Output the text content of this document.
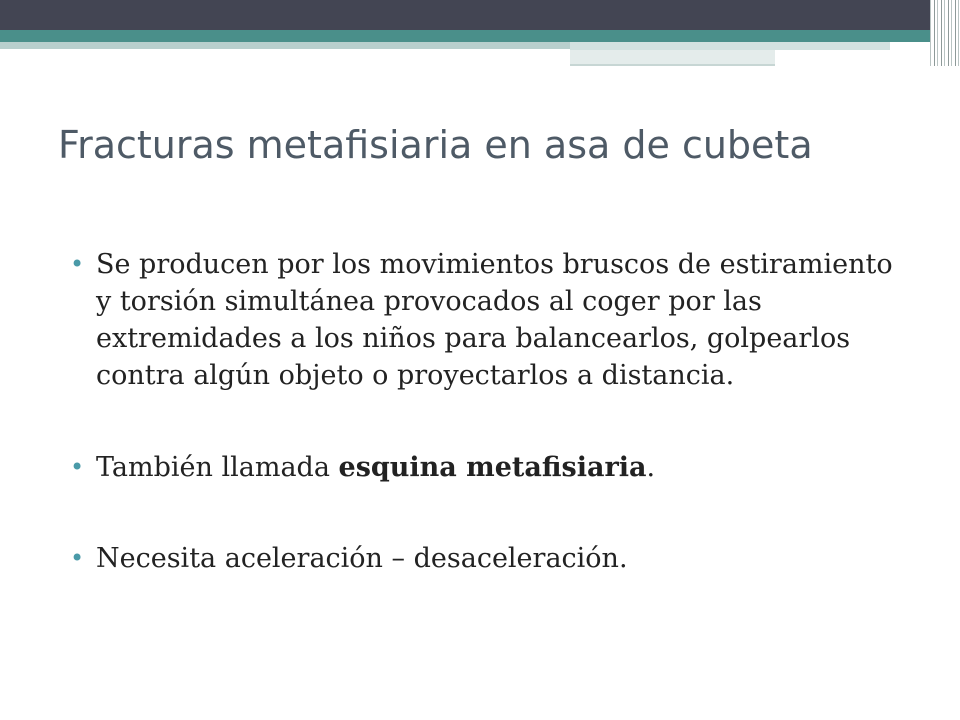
Fracturas metafisiaria en asa de cubeta
• Se producen por los movimientos bruscos de estiramiento y torsión simultánea provocados al coger por las extremidades a los niños para balancearlos, golpearlos contra algún objeto o proyectarlos a distancia.
• También llamada esquina metafisiaria.
• Necesita aceleración – desaceleración.
